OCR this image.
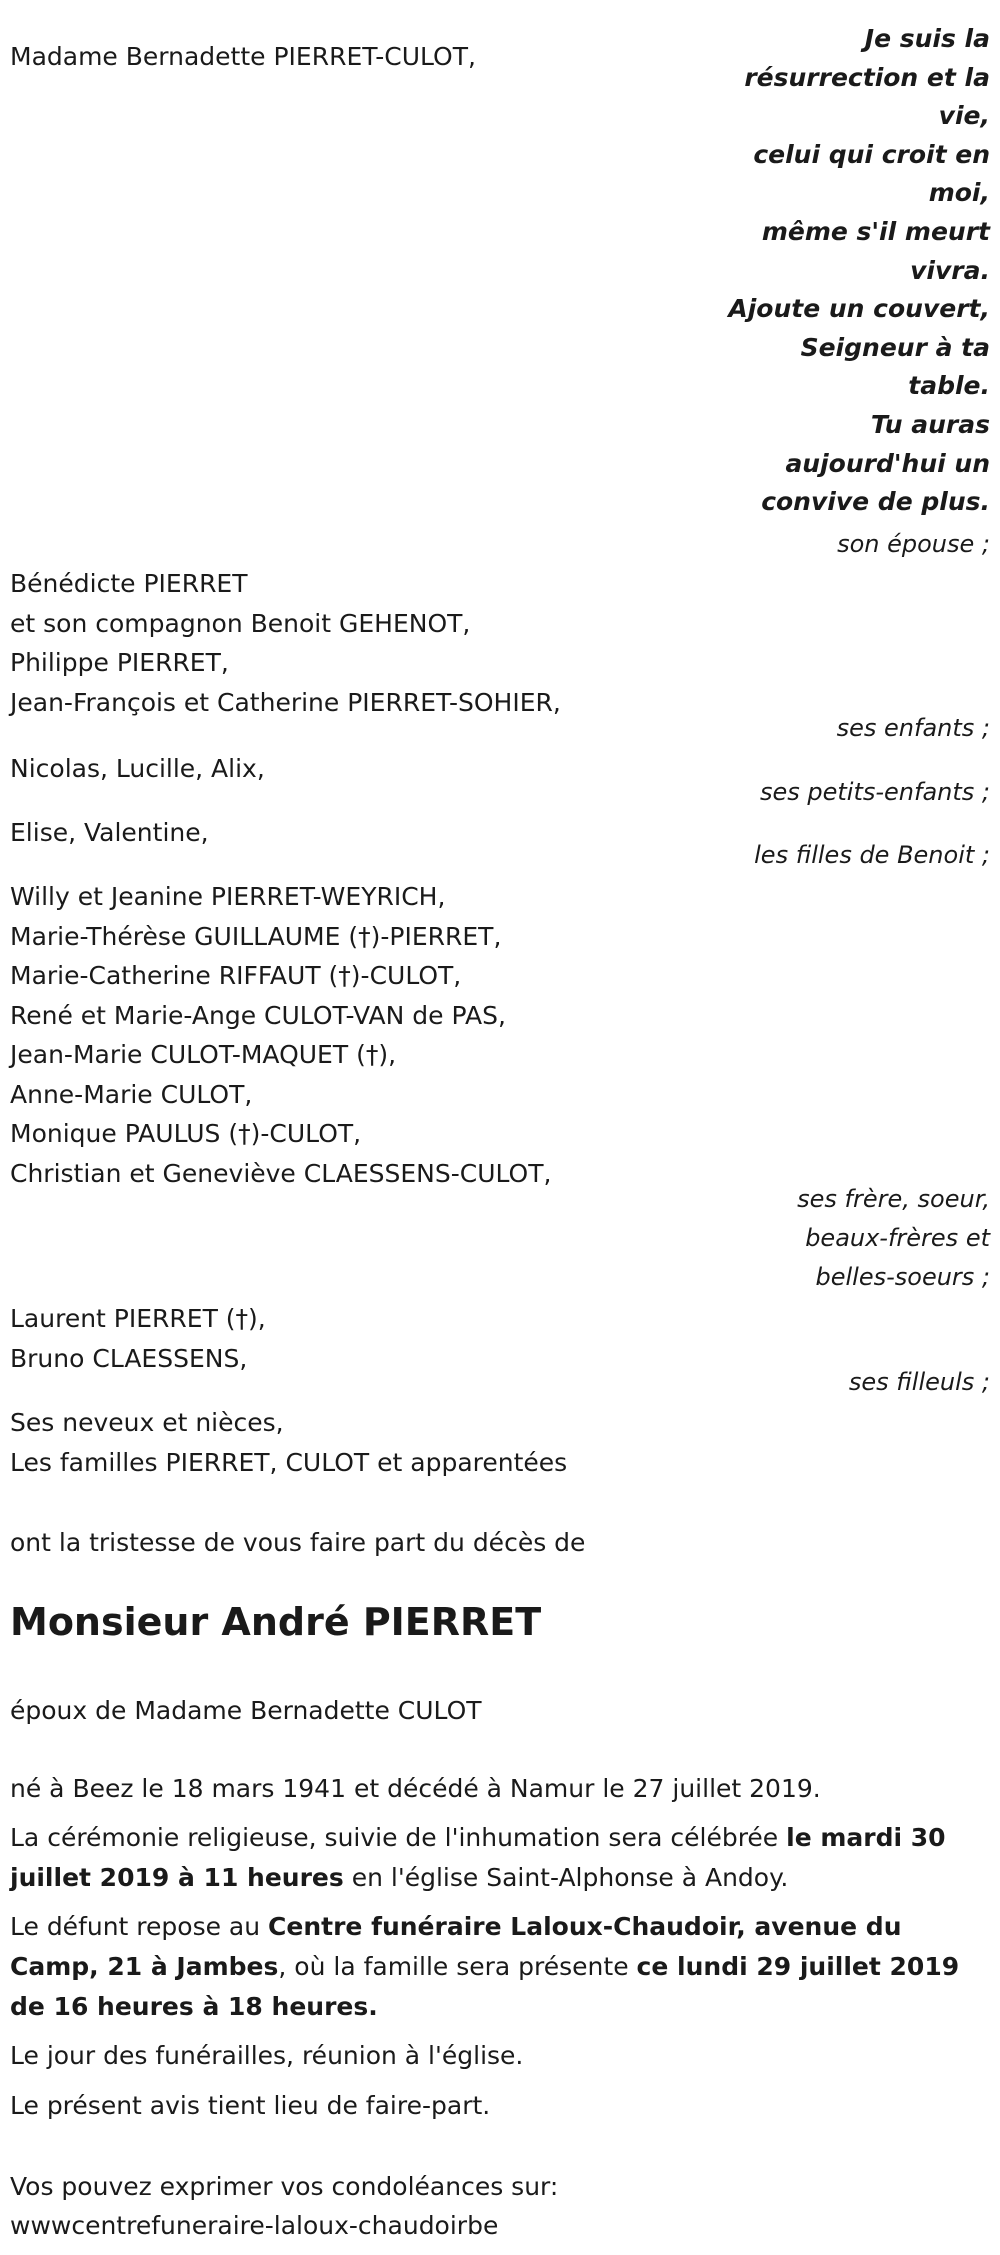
Madame Bernadette PIERRET-CULOT,
Je suis la
résurrection et la
vie,
celui qui croit en
moi,
même s'il meurt
vivra.
Ajoute un couvert,
Seigneur à ta
table.
Tu auras
aujourd'hui un
convive de plus.
son épouse ;
Bénédicte PIERRET
et son compagnon Benoit GEHENOT,
Philippe PIERRET,
Jean-François et Catherine PIERRET-SOHIER,
ses enfants ;
Nicolas, Lucille, Alix,
ses petits-enfants ;
Elise, Valentine,
les filles de Benoit ;
Willy et Jeanine PIERRET-WEYRICH,
Marie-Thérèse GUILLAUME (†)-PIERRET,
Marie-Catherine RIFFAUT (†)-CULOT,
René et Marie-Ange CULOT-VAN de PAS,
Jean-Marie CULOT-MAQUET (†),
Anne-Marie CULOT,
Monique PAULUS (†)-CULOT,
Christian et Geneviève CLAESSENS-CULOT,
ses frère, soeur,
beaux-frères et
belles-soeurs ;
Laurent PIERRET (†),
Bruno CLAESSENS,
ses filleuls ;
Ses neveux et nièces,
Les familles PIERRET, CULOT et apparentées
ont la tristesse de vous faire part du décès de
Monsieur André PIERRET
époux de Madame Bernadette CULOT
né à Beez le 18 mars 1941 et décédé à Namur le 27 juillet 2019.
La cérémonie religieuse, suivie de l'inhumation sera célébrée le mardi 30 juillet 2019 à 11 heures en l'église Saint-Alphonse à Andoy.
Le défunt repose au Centre funéraire Laloux-Chaudoir, avenue du Camp, 21 à Jambes, où la famille sera présente ce lundi 29 juillet 2019 de 16 heures à 18 heures.
Le jour des funérailles, réunion à l'église.
Le présent avis tient lieu de faire-part.
Vos pouvez exprimer vos condoléances sur:
wwwcentrefuneraire-laloux-chaudoirbe
